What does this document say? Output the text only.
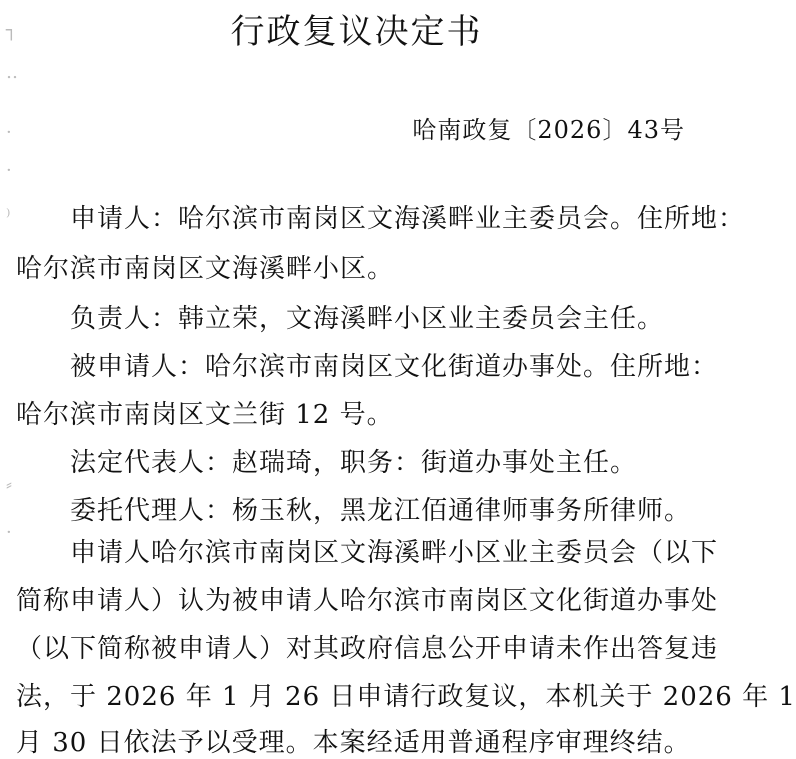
┐
‥
·
·
⁾
⸗
·
行政复议决定书
哈南政复〔2026〕43号
申请人：哈尔滨市南岗区文海溪畔业主委员会。住所地：
哈尔滨市南岗区文海溪畔小区。
负责人：韩立荣，文海溪畔小区业主委员会主任。
被申请人：哈尔滨市南岗区文化街道办事处。住所地：
哈尔滨市南岗区文兰街 12 号。
法定代表人：赵瑞琦，职务：街道办事处主任。
委托代理人：杨玉秋，黑龙江佰通律师事务所律师。
申请人哈尔滨市南岗区文海溪畔小区业主委员会（以下
简称申请人）认为被申请人哈尔滨市南岗区文化街道办事处
（以下简称被申请人）对其政府信息公开申请未作出答复违
法，于 2026 年 1 月 26 日申请行政复议，本机关于 2026 年 1
月 30 日依法予以受理。本案经适用普通程序审理终结。
